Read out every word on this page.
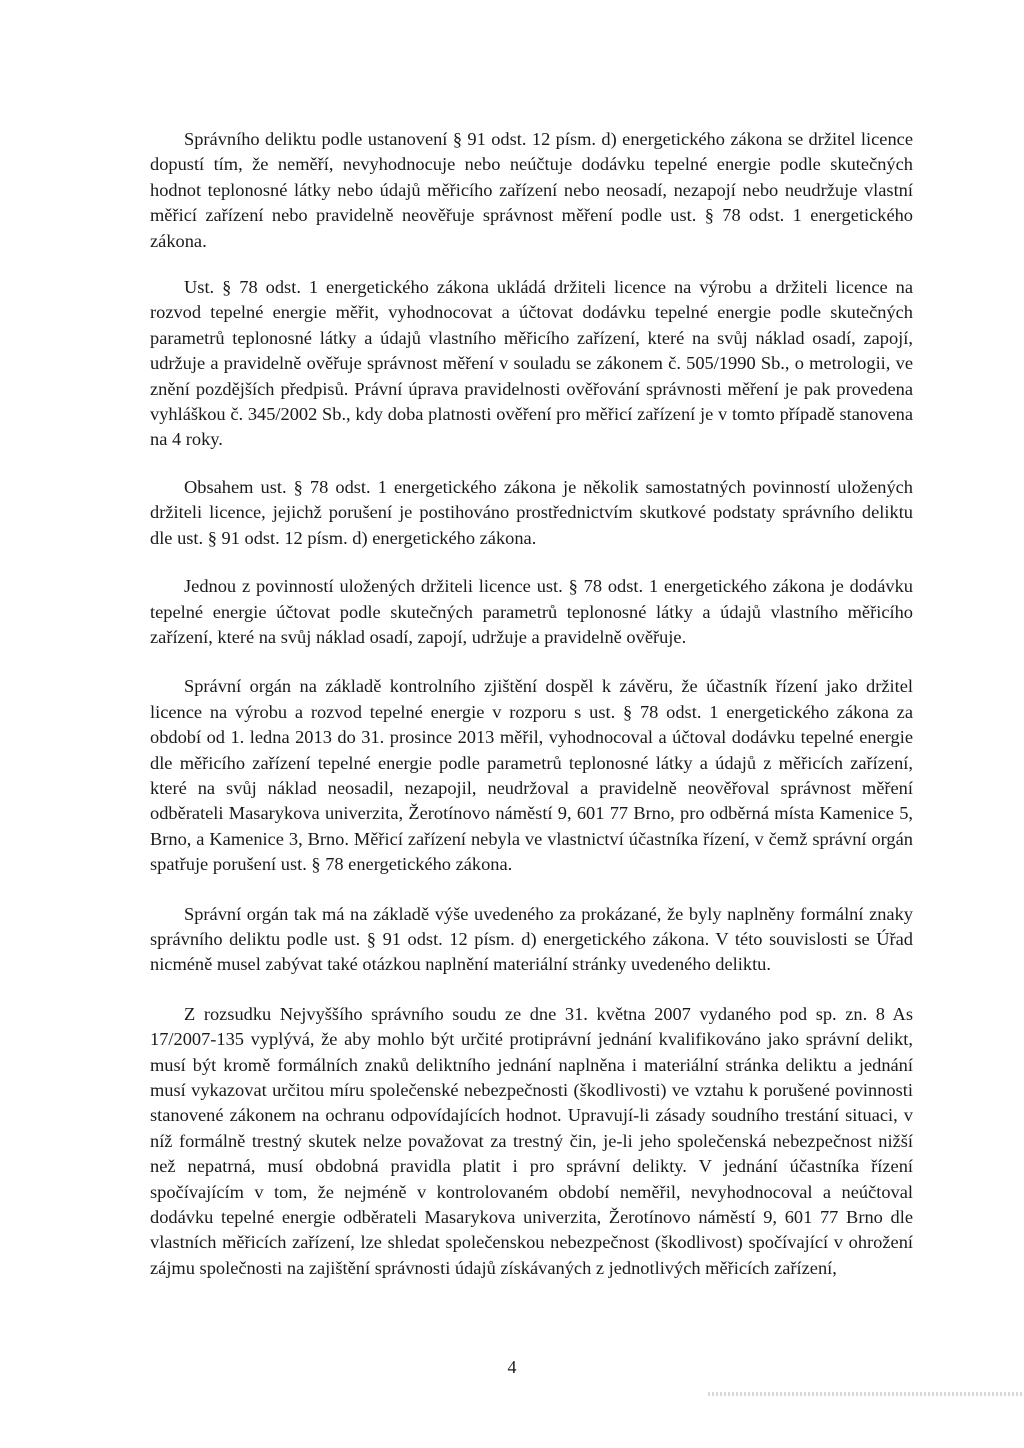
Správního deliktu podle ustanovení § 91 odst. 12 písm. d) energetického zákona se držitel licence dopustí tím, že neměří, nevyhodnocuje nebo neúčtuje dodávku tepelné energie podle skutečných hodnot teplonosné látky nebo údajů měřicího zařízení nebo neosadí, nezapojí nebo neudržuje vlastní měřicí zařízení nebo pravidelně neověřuje správnost měření podle ust. § 78 odst. 1 energetického zákona.

Ust. § 78 odst. 1 energetického zákona ukládá držiteli licence na výrobu a držiteli licence na rozvod tepelné energie měřit, vyhodnocovat a účtovat dodávku tepelné energie podle skutečných parametrů teplonosné látky a údajů vlastního měřicího zařízení, které na svůj náklad osadí, zapojí, udržuje a pravidelně ověřuje správnost měření v souladu se zákonem č. 505/1990 Sb., o metrologii, ve znění pozdějších předpisů. Právní úprava pravidelnosti ověřování správnosti měření je pak provedena vyhláškou č. 345/2002 Sb., kdy doba platnosti ověření pro měřicí zařízení je v tomto případě stanovena na 4 roky.

Obsahem ust. § 78 odst. 1 energetického zákona je několik samostatných povinností uložených držiteli licence, jejichž porušení je postihováno prostřednictvím skutkové podstaty správního deliktu dle ust. § 91 odst. 12 písm. d) energetického zákona.

Jednou z povinností uložených držiteli licence ust. § 78 odst. 1 energetického zákona je dodávku tepelné energie účtovat podle skutečných parametrů teplonosné látky a údajů vlastního měřicího zařízení, které na svůj náklad osadí, zapojí, udržuje a pravidelně ověřuje.

Správní orgán na základě kontrolního zjištění dospěl k závěru, že účastník řízení jako držitel licence na výrobu a rozvod tepelné energie v rozporu s ust. § 78 odst. 1 energetického zákona za období od 1. ledna 2013 do 31. prosince 2013 měřil, vyhodnocoval a účtoval dodávku tepelné energie dle měřicího zařízení tepelné energie podle parametrů teplonosné látky a údajů z měřicích zařízení, které na svůj náklad neosadil, nezapojil, neudržoval a pravidelně neověřoval správnost měření odběrateli Masarykova univerzita, Žerotínovo náměstí 9, 601 77 Brno, pro odběrná místa Kamenice 5, Brno, a Kamenice 3, Brno. Měřicí zařízení nebyla ve vlastnictví účastníka řízení, v čemž správní orgán spatřuje porušení ust. § 78 energetického zákona.

Správní orgán tak má na základě výše uvedeného za prokázané, že byly naplněny formální znaky správního deliktu podle ust. § 91 odst. 12 písm. d) energetického zákona. V této souvislosti se Úřad nicméně musel zabývat také otázkou naplnění materiální stránky uvedeného deliktu.

Z rozsudku Nejvyššího správního soudu ze dne 31. května 2007 vydaného pod sp. zn. 8 As 17/2007-135 vyplývá, že aby mohlo být určité protiprávní jednání kvalifikováno jako správní delikt, musí být kromě formálních znaků deliktního jednání naplněna i materiální stránka deliktu a jednání musí vykazovat určitou míru společenské nebezpečnosti (škodlivosti) ve vztahu k porušené povinnosti stanovené zákonem na ochranu odpovídajících hodnot. Upravují-li zásady soudního trestání situaci, v níž formálně trestný skutek nelze považovat za trestný čin, je-li jeho společenská nebezpečnost nižší než nepatrná, musí obdobná pravidla platit i pro správní delikty. V jednání účastníka řízení spočívajícím v tom, že nejméně v kontrolovaném období neměřil, nevyhodnocoval a neúčtoval dodávku tepelné energie odběrateli Masarykova univerzita, Žerotínovo náměstí 9, 601 77 Brno dle vlastních měřicích zařízení, lze shledat společenskou nebezpečnost (škodlivost) spočívající v ohrožení zájmu společnosti na zajištění správnosti údajů získávaných z jednotlivých měřicích zařízení,

4
